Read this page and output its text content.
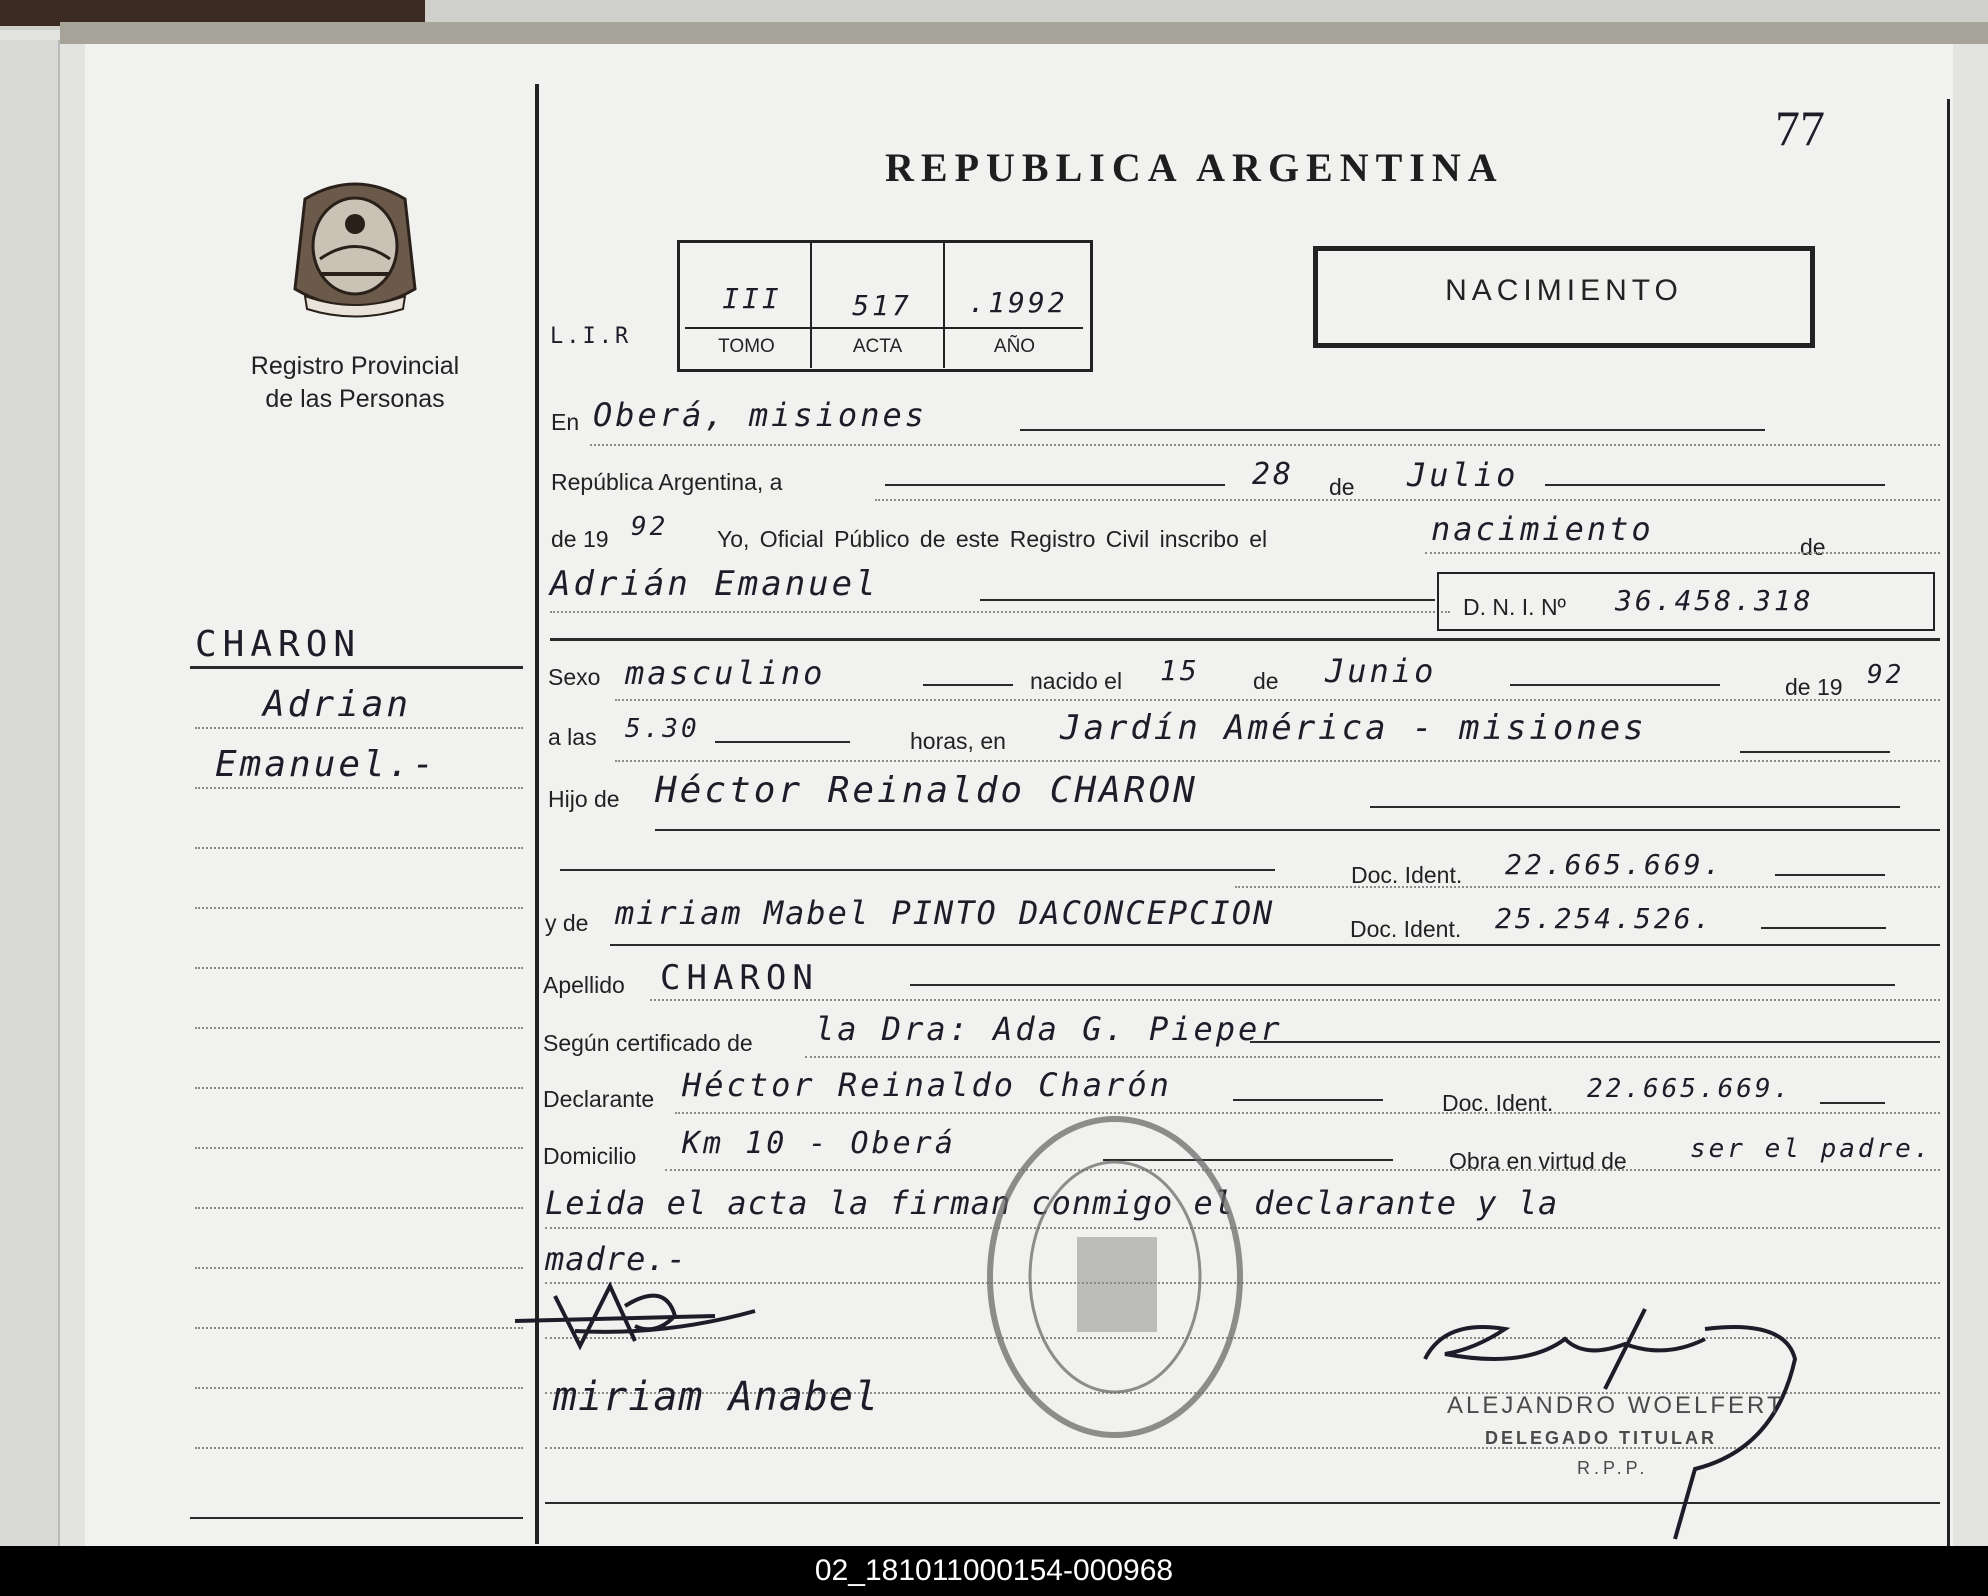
77
Registro Provincial
de las Personas
CHARON
Adrian
Emanuel.-
REPUBLICA ARGENTINA
L.I.R
III	517	.1992
TOMO	ACTA	AÑO
NACIMIENTO
En Oberá, misiones
República Argentina, a	28 de Julio
de 19 92 Yo, Oficial Público de este Registro Civil inscribo el	nacimiento	de
Adrián Emanuel
D. N. I. Nº 36.458.318
Sexo masculino	nacido el 15 de Junio	de 19 92
a las 5.30	horas, en Jardín América - misiones
Hijo de Héctor Reinaldo CHARON
Doc. Ident. 22.665.669.
y de miriam Mabel PINTO DACONCEPCION	Doc. Ident. 25.254.526.
Apellido CHARON
Según certificado de la Dra: Ada G. Pieper
Declarante Héctor Reinaldo Charón	Doc. Ident. 22.665.669.
Domicilio Km 10 - Oberá	Obra en virtud de ser el padre.
Leida el acta la firman conmigo el declarante y la
madre.-
miriam Anabel	ALEJANDRO WOELFERT
DELEGADO TITULAR
R.P.P.
02_181011000154-000968
